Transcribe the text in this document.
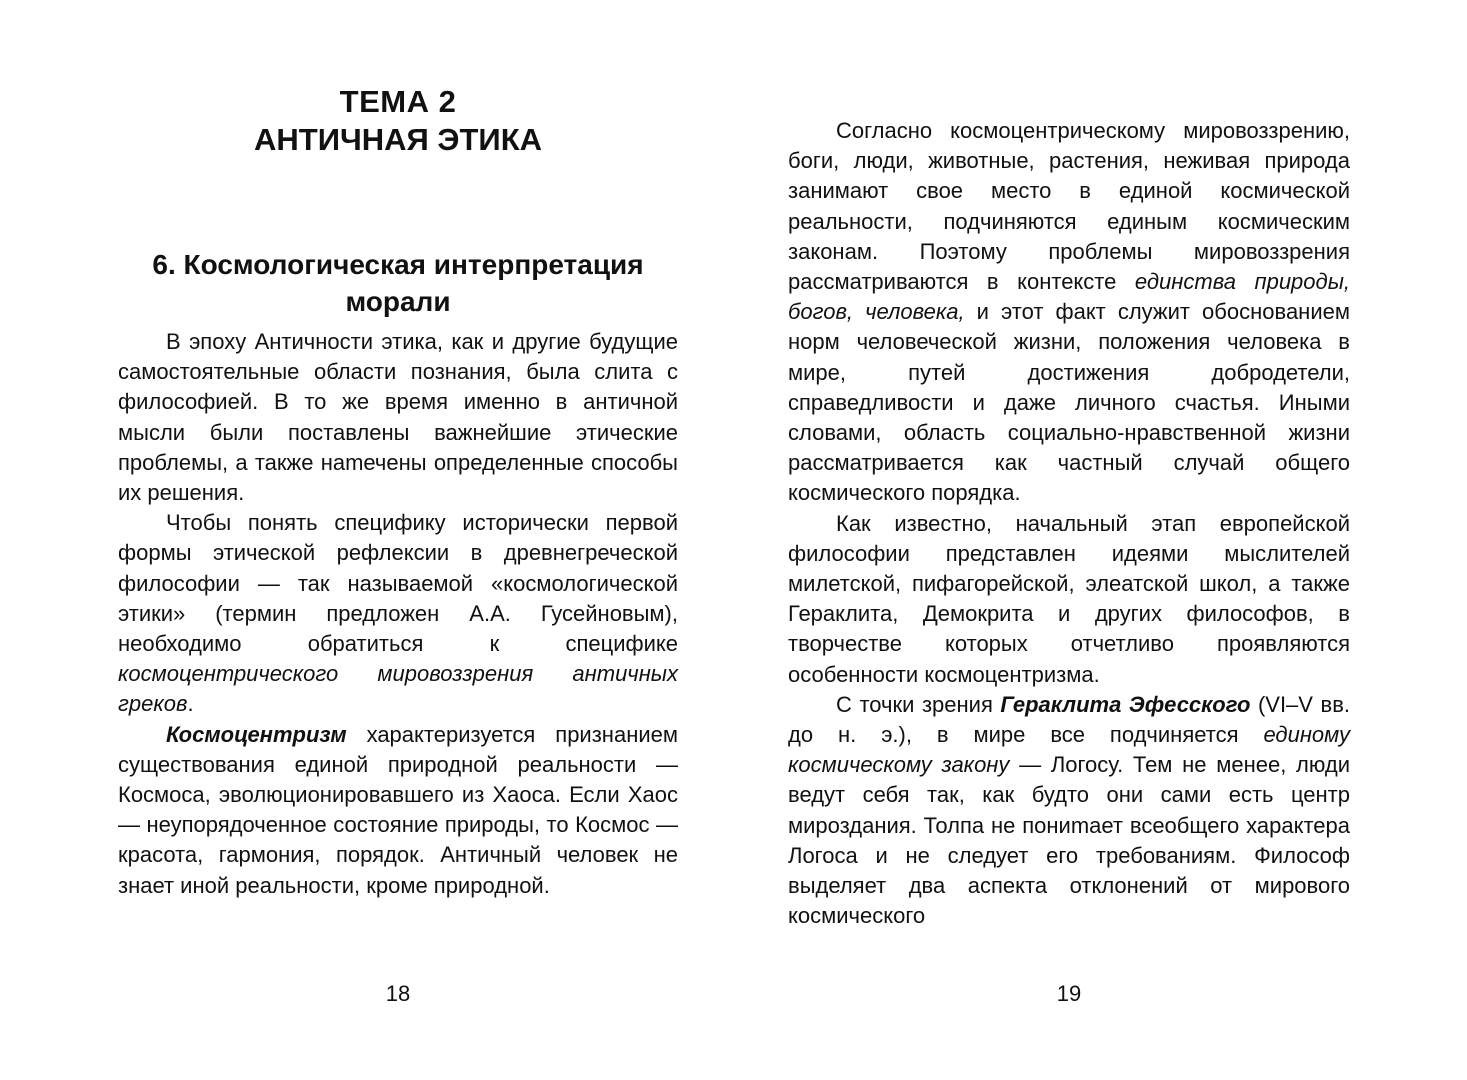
ТЕМА 2
АНТИЧНАЯ ЭТИКА
6. Космологическая интерпретация морали

В эпоху Античности этика, как и другие будущие самостоятельные области познания, была слита с философией. В то же время именно в античной мысли были поставлены важнейшие этические проблемы, а также наmечены определенные способы их решения.

Чтобы понять специфику исторически первой формы этической рефлексии в древнегреческой философии — так называемой «космологической этики» (термин предложен А.А. Гусейновым), необходимо обратиться к специфике космоцентрического мировоззрения античных греков.

Космоцентризм характеризуется признанием существования единой природной реальности — Космоса, эволюционировавшего из Хаоса. Если Хаос — неупорядоченное состояние природы, то Космос — красота, гармония, порядок. Античный человек не знает иной реальности, кроме природной.

18

Согласно космоцентрическому мировоззрению, боги, люди, животные, растения, неживая природа занимают свое место в единой космической реальности, подчиняются единым космическим законам. Поэтому проблемы мировоззрения рассматриваются в контексте единства природы, богов, человека, и этот факт служит обоснованием норм человеческой жизни, положения человека в мире, путей достижения добродетели, справедливости и даже личного счастья. Иными словами, область социально-нравственной жизни рассматривается как частный случай общего космического порядка.

Как известно, начальный этап европейской философии представлен идеями мыслителей милетской, пифагорейской, элеатской школ, а также Гераклита, Демокрита и других философов, в творчестве которых отчетливо проявляются особенности космоцентризма.

С точки зрения Гераклита Эфесского (VI–V вв. до н. э.), в мире все подчиняется единому космическому закону — Логосу. Тем не менее, люди ведут себя так, как будто они сами есть центр мироздания. Толпа не пониmает всеобщего характера Логоса и не следует его требованиям. Философ выделяет два аспекта отклонений от мирового космического

19
